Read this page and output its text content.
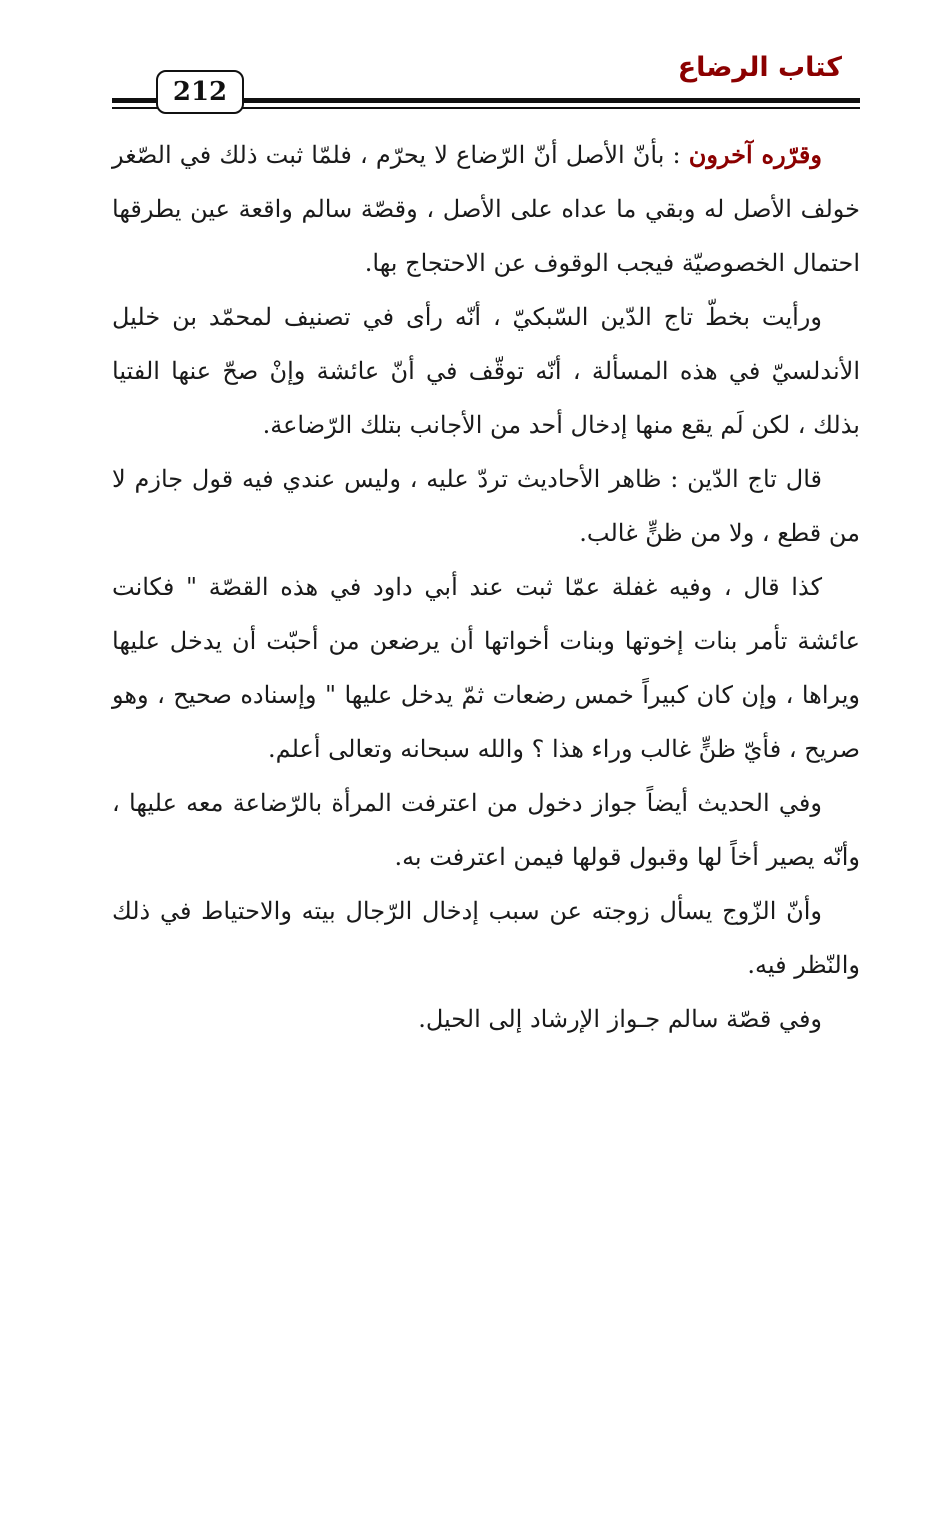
كتاب الرضاع
212

وقرّره آخرون : بأنّ الأصل أنّ الرّضاع لا يحرّم ، فلمّا ثبت ذلك في الصّغر خولف الأصل له وبقي ما عداه على الأصل ، وقصّة سالم واقعة عين يطرقها احتمال الخصوصيّة فيجب الوقوف عن الاحتجاج بها.

ورأيت بخطّ تاج الدّين السّبكيّ ، أنّه رأى في تصنيف لمحمّد بن خليل الأندلسيّ في هذه المسألة ، أنّه توقّف في أنّ عائشة وإنْ صحّ عنها الفتيا بذلك ، لكن لَم يقع منها إدخال أحد من الأجانب بتلك الرّضاعة.

قال تاج الدّين : ظاهر الأحاديث تردّ عليه ، وليس عندي فيه قول جازم لا من قطع ، ولا من ظنٍّ غالب.

كذا قال ، وفيه غفلة عمّا ثبت عند أبي داود في هذه القصّة " فكانت عائشة تأمر بنات إخوتها وبنات أخواتها أن يرضعن من أحبّت أن يدخل عليها ويراها ، وإن كان كبيراً خمس رضعات ثمّ يدخل عليها " وإسناده صحيح ، وهو صريح ، فأيّ ظنٍّ غالب وراء هذا ؟ والله سبحانه وتعالى أعلم.

وفي الحديث أيضاً جواز دخول من اعترفت المرأة بالرّضاعة معه عليها ، وأنّه يصير أخاً لها وقبول قولها فيمن اعترفت به.

وأنّ الزّوج يسأل زوجته عن سبب إدخال الرّجال بيته والاحتياط في ذلك والنّظر فيه.

وفي قصّة سالم جـواز الإرشاد إلى الحيل.
